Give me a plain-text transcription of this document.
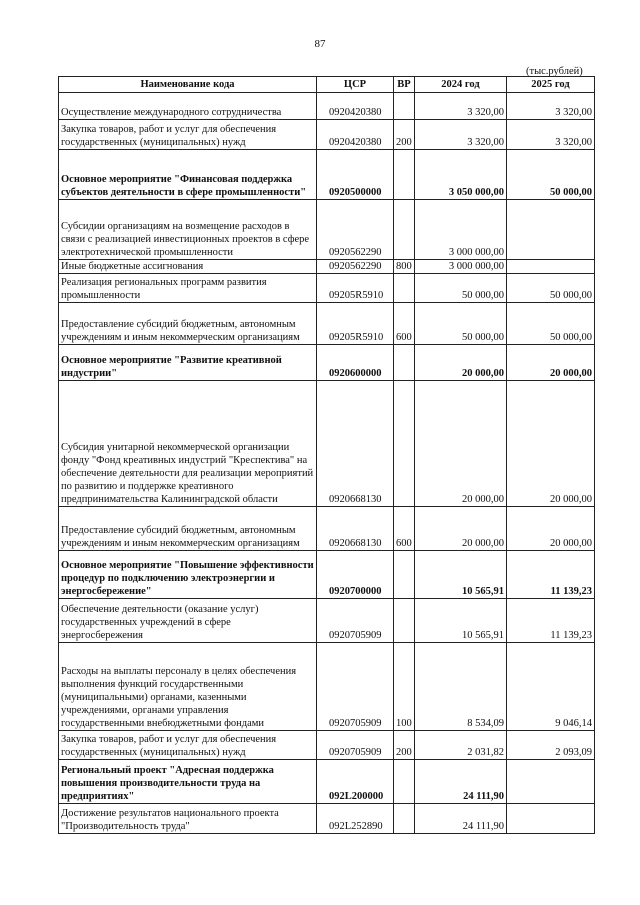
87
(тыс.рублей)
Наименование кода	ЦСР	ВР	2024 год	2025 год
Осуществление международного сотрудничества	0920420380		3 320,00	3 320,00
Закупка товаров, работ и услуг для обеспечения государственных (муниципальных) нужд	0920420380	200	3 320,00	3 320,00
Основное мероприятие "Финансовая поддержка субъектов деятельности в сфере промышленности"	0920500000		3 050 000,00	50 000,00
Субсидии организациям на возмещение расходов в связи с реализацией инвестиционных проектов в сфере электротехнической промышленности	0920562290		3 000 000,00	
Иные бюджетные ассигнования	0920562290	800	3 000 000,00	
Реализация региональных программ развития промышленности	09205R5910		50 000,00	50 000,00
Предоставление субсидий бюджетным, автономным учреждениям и иным некоммерческим организациям	09205R5910	600	50 000,00	50 000,00
Основное мероприятие "Развитие креативной индустрии"	0920600000		20 000,00	20 000,00
Субсидия унитарной некоммерческой организации фонду "Фонд креативных индустрий "Креспектива" на обеспечение деятельности для реализации мероприятий по развитию и поддержке креативного предпринимательства Калининградской области	0920668130		20 000,00	20 000,00
Предоставление субсидий бюджетным, автономным учреждениям и иным некоммерческим организациям	0920668130	600	20 000,00	20 000,00
Основное мероприятие "Повышение эффективности процедур по подключению электроэнергии и энергосбережение"	0920700000		10 565,91	11 139,23
Обеспечение деятельности (оказание услуг) государственных учреждений в сфере энергосбережения	0920705909		10 565,91	11 139,23
Расходы на выплаты персоналу в целях обеспечения выполнения функций государственными (муниципальными) органами, казенными учреждениями, органами управления государственными внебюджетными фондами	0920705909	100	8 534,09	9 046,14
Закупка товаров, работ и услуг для обеспечения государственных (муниципальных) нужд	0920705909	200	2 031,82	2 093,09
Региональный проект "Адресная поддержка повышения производительности труда на предприятиях"	092L200000		24 111,90	
Достижение результатов национального проекта "Производительность труда"	092L252890		24 111,90	
